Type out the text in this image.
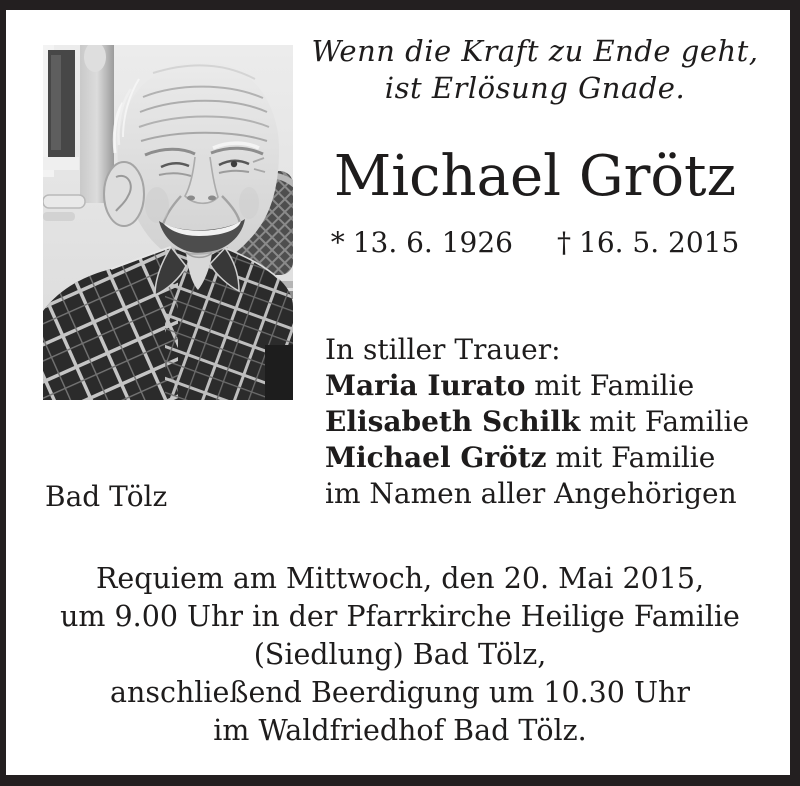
Wenn die Kraft zu Ende geht,
ist Erlösung Gnade.
Michael Grötz
* 13. 6. 1926 † 16. 5. 2015
In stiller Trauer:
Maria Iurato mit Familie
Elisabeth Schilk mit Familie
Michael Grötz mit Familie
im Namen aller Angehörigen
Bad Tölz
Requiem am Mittwoch, den 20. Mai 2015,
um 9.00 Uhr in der Pfarrkirche Heilige Familie
(Siedlung) Bad Tölz,
anschließend Beerdigung um 10.30 Uhr
im Waldfriedhof Bad Tölz.
